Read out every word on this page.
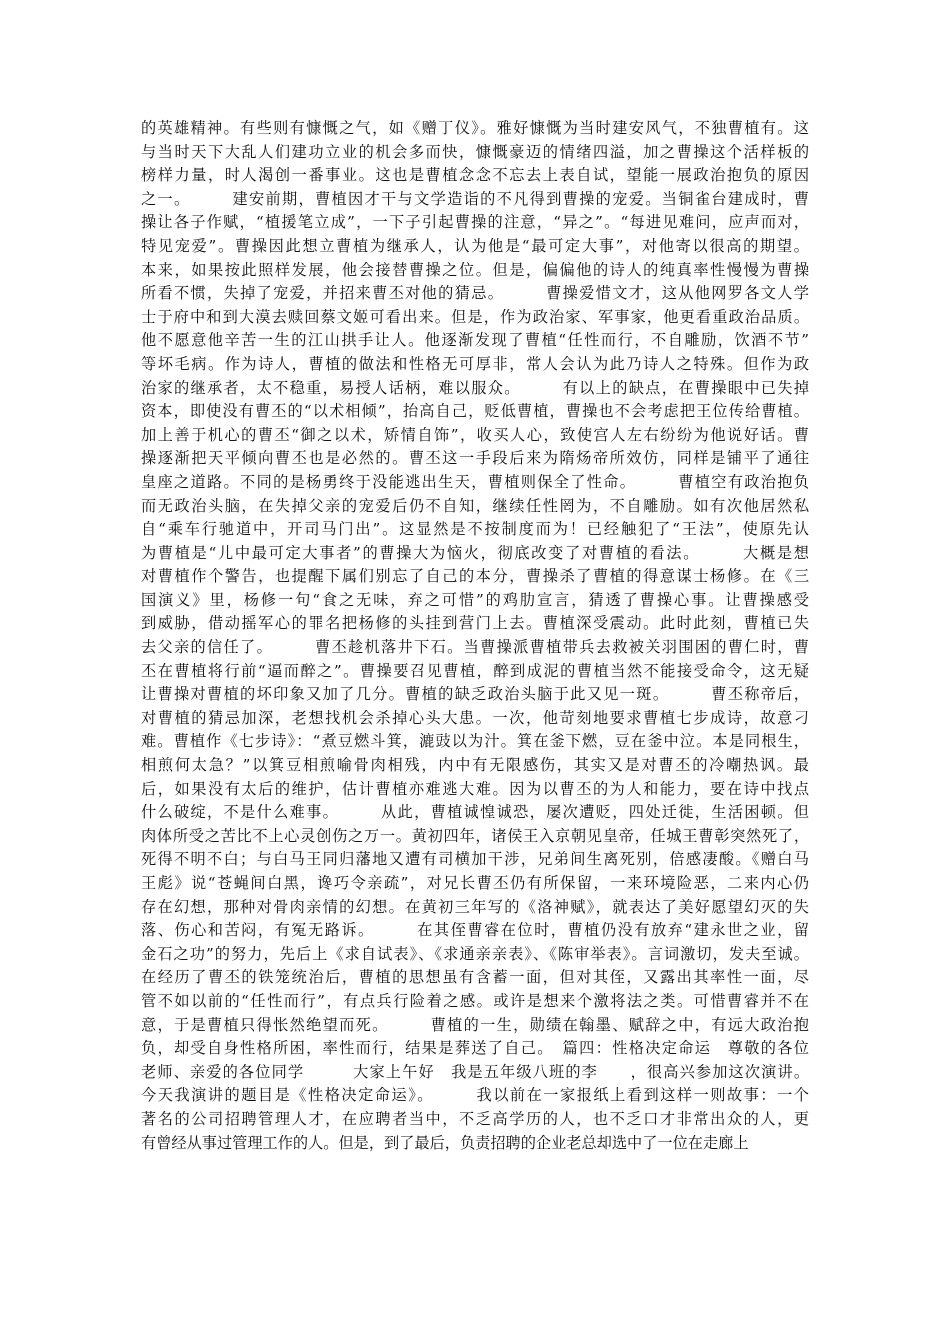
的英雄精神。有些则有慷慨之气，如《赠丁仪》。雅好慷慨为当时建安风气，不独曹植有。这
与当时天下大乱人们建功立业的机会多而快，慷慨豪迈的情绪四溢，加之曹操这个活样板的
榜样力量，时人渴创一番事业。这也是曹植念念不忘去上表自试，望能一展政治抱负的原因
之一。　　　建安前期，曹植因才干与文学造诣的不凡得到曹操的宠爱。当铜雀台建成时，曹
操让各子作赋，“植援笔立成”，一下子引起曹操的注意，“异之”。“每进见难问，应声而对，
特见宠爱”。曹操因此想立曹植为继承人，认为他是“最可定大事”，对他寄以很高的期望。
本来，如果按此照样发展，他会接替曹操之位。但是，偏偏他的诗人的纯真率性慢慢为曹操
所看不惯，失掉了宠爱，并招来曹丕对他的猜忌。　　　曹操爱惜文才，这从他网罗各文人学
士于府中和到大漠去赎回蔡文姬可看出来。但是，作为政治家、军事家，他更看重政治品质。
他不愿意他辛苦一生的江山拱手让人。他逐渐发现了曹植“任性而行，不自雕励，饮酒不节”
等坏毛病。作为诗人，曹植的做法和性格无可厚非，常人会认为此乃诗人之特殊。但作为政
治家的继承者，太不稳重，易授人话柄，难以服众。　　　有以上的缺点，在曹操眼中已失掉
资本，即使没有曹丕的“以术相倾”，抬高自己，贬低曹植，曹操也不会考虑把王位传给曹植。
加上善于机心的曹丕“御之以术，矫情自饰”，收买人心，致使宫人左右纷纷为他说好话。曹
操逐渐把天平倾向曹丕也是必然的。曹丕这一手段后来为隋炀帝所效仿，同样是铺平了通往
皇座之道路。不同的是杨勇终于没能逃出生天，曹植则保全了性命。　　　曹植空有政治抱负
而无政治头脑，在失掉父亲的宠爱后仍不自知，继续任性罔为，不自雕励。如有次他居然私
自“乘车行驰道中，开司马门出”。这显然是不按制度而为！已经触犯了“王法”，使原先认
为曹植是“儿中最可定大事者”的曹操大为恼火，彻底改变了对曹植的看法。　　　大概是想
对曹植作个警告，也提醒下属们别忘了自己的本分，曹操杀了曹植的得意谋士杨修。在《三
国演义》里，杨修一句“食之无味，弃之可惜”的鸡肋宣言，猜透了曹操心事。让曹操感受
到威胁，借动摇军心的罪名把杨修的头挂到营门上去。曹植深受震动。此时此刻，曹植已失
去父亲的信任了。　　　曹丕趁机落井下石。当曹操派曹植带兵去救被关羽围困的曹仁时，曹
丕在曹植将行前“逼而醉之”。曹操要召见曹植，醉到成泥的曹植当然不能接受命令，这无疑
让曹操对曹植的坏印象又加了几分。曹植的缺乏政治头脑于此又见一斑。　　　曹丕称帝后，
对曹植的猜忌加深，老想找机会杀掉心头大患。一次，他苛刻地要求曹植七步成诗，故意刁
难。曹植作《七步诗》：“煮豆燃斗箕，漉豉以为汁。箕在釜下燃，豆在釜中泣。本是同根生，
相煎何太急？”以箕豆相煎喻骨肉相残，内中有无限感伤，其实又是对曹丕的冷嘲热讽。最
后，如果没有太后的维护，估计曹植亦难逃大难。因为以曹丕的为人和能力，要在诗中找点
什么破绽，不是什么难事。　　　从此，曹植诚惶诚恐，屡次遭贬，四处迁徙，生活困顿。但
肉体所受之苦比不上心灵创伤之万一。黄初四年，诸侯王入京朝见皇帝，任城王曹彰突然死了，
死得不明不白；与白马王同归藩地又遭有司横加干涉，兄弟间生离死别，倍感凄酸。《赠白马
王彪》说“苍蝇间白黑，谗巧令亲疏”，对兄长曹丕仍有所保留，一来环境险恶，二来内心仍
存在幻想，那种对骨肉亲情的幻想。在黄初三年写的《洛神赋》，就表达了美好愿望幻灭的失
落、伤心和苦闷，有冤无路诉。　　　在其侄曹睿在位时，曹植仍没有放弃“建永世之业，留
金石之功”的努力，先后上《求自试表》、《求通亲亲表》、《陈审举表》。言词激切，发夫至诚。
在经历了曹丕的铁笼统治后，曹植的思想虽有含蓄一面，但对其侄，又露出其率性一面，尽
管不如以前的“任性而行”，有点兵行险着之感。或许是想来个激将法之类。可惜曹睿并不在
意，于是曹植只得怅然绝望而死。　　　曹植的一生，勋绩在翰墨、赋辞之中，有远大政治抱
负，却受自身性格所困，率性而行，结果是葬送了自己。　篇四：性格决定命运　尊敬的各位
老师、亲爱的各位同学　　　大家上午好　我是五年级八班的李　　，很高兴参加这次演讲。
今天我演讲的题目是《性格决定命运》。　　　我以前在一家报纸上看到这样一则故事：一个
著名的公司招聘管理人才，在应聘者当中，不乏高学历的人，也不乏口才非常出众的人，更
有曾经从事过管理工作的人。但是，到了最后，负责招聘的企业老总却选中了一位在走廊上
